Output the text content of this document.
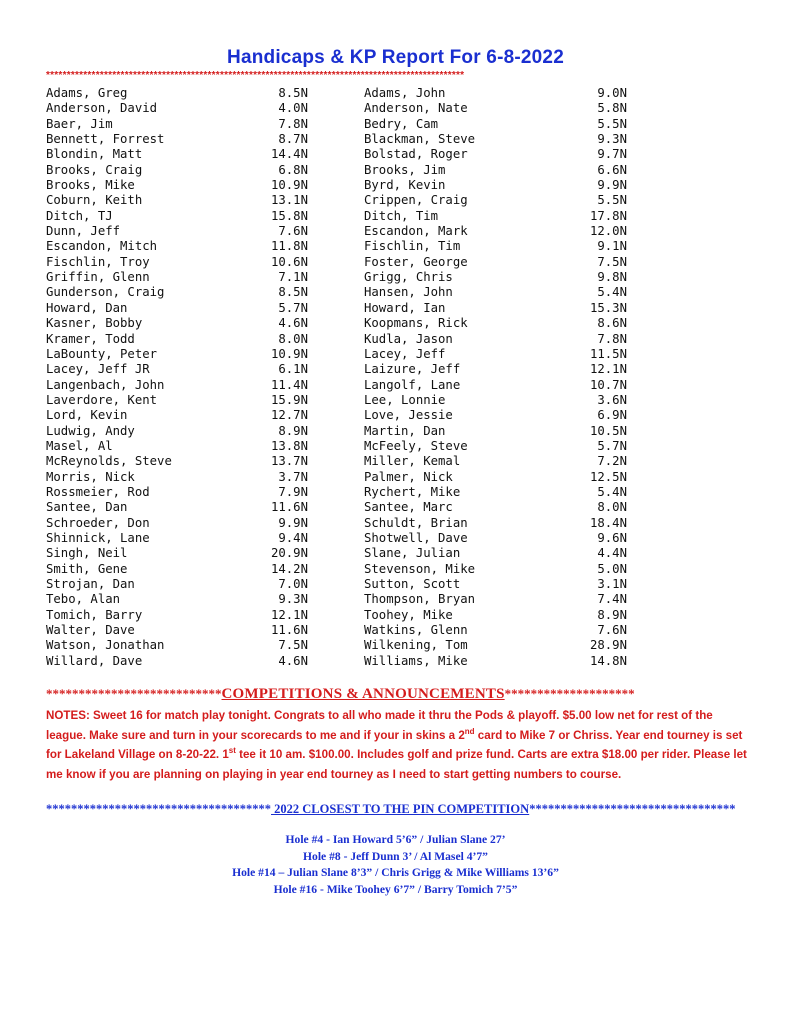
Handicaps & KP Report For 6-8-2022
*****************************************************************************************************
Adams, Greg	8.5N	Adams, John	9.0N
Anderson, David	4.0N	Anderson, Nate	5.8N
Baer, Jim	7.8N	Bedry, Cam	5.5N
Bennett, Forrest	8.7N	Blackman, Steve	9.3N
Blondin, Matt	14.4N	Bolstad, Roger	9.7N
Brooks, Craig	6.8N	Brooks, Jim	6.6N
Brooks, Mike	10.9N	Byrd, Kevin	9.9N
Coburn, Keith	13.1N	Crippen, Craig	5.5N
Ditch, TJ	15.8N	Ditch, Tim	17.8N
Dunn, Jeff	7.6N	Escandon, Mark	12.0N
Escandon, Mitch	11.8N	Fischlin, Tim	9.1N
Fischlin, Troy	10.6N	Foster, George	7.5N
Griffin, Glenn	7.1N	Grigg, Chris	9.8N
Gunderson, Craig	8.5N	Hansen, John	5.4N
Howard, Dan	5.7N	Howard, Ian	15.3N
Kasner, Bobby	4.6N	Koopmans, Rick	8.6N
Kramer, Todd	8.0N	Kudla, Jason	7.8N
LaBounty, Peter	10.9N	Lacey, Jeff	11.5N
Lacey, Jeff JR	6.1N	Laizure, Jeff	12.1N
Langenbach, John	11.4N	Langolf, Lane	10.7N
Laverdore, Kent	15.9N	Lee, Lonnie	3.6N
Lord, Kevin	12.7N	Love, Jessie	6.9N
Ludwig, Andy	8.9N	Martin, Dan	10.5N
Masel, Al	13.8N	McFeely, Steve	5.7N
McReynolds, Steve	13.7N	Miller, Kemal	7.2N
Morris, Nick	3.7N	Palmer, Nick	12.5N
Rossmeier, Rod	7.9N	Rychert, Mike	5.4N
Santee, Dan	11.6N	Santee, Marc	8.0N
Schroeder, Don	9.9N	Schuldt, Brian	18.4N
Shinnick, Lane	9.4N	Shotwell, Dave	9.6N
Singh, Neil	20.9N	Slane, Julian	4.4N
Smith, Gene	14.2N	Stevenson, Mike	5.0N
Strojan, Dan	7.0N	Sutton, Scott	3.1N
Tebo, Alan	9.3N	Thompson, Bryan	7.4N
Tomich, Barry	12.1N	Toohey, Mike	8.9N
Walter, Dave	11.6N	Watkins, Glenn	7.6N
Watson, Jonathan	7.5N	Wilkening, Tom	28.9N
Willard, Dave	4.6N	Williams, Mike	14.8N
***************************COMPETITIONS & ANNOUNCEMENTS********************

NOTES: Sweet 16 for match play tonight. Congrats to all who made it thru the Pods & playoff. $5.00 low net for rest of the league. Make sure and turn in your scorecards to me and if your in skins a 2nd card to Mike 7 or Chriss. Year end tourney is set for Lakeland Village on 8-20-22. 1st tee it 10 am. $100.00. Includes golf and prize fund. Carts are extra $18.00 per rider. Please let me know if you are planning on playing in year end tourney as I need to start getting numbers to course.

************************************ 2022 CLOSEST TO THE PIN COMPETITION*********************************
Hole #4 - Ian Howard 5’6” / Julian Slane 27’
Hole #8 - Jeff Dunn 3’ / Al Masel 4’7”
Hole #14 – Julian Slane 8’3” / Chris Grigg & Mike Williams 13’6”
Hole #16 - Mike Toohey 6’7” / Barry Tomich 7’5”
